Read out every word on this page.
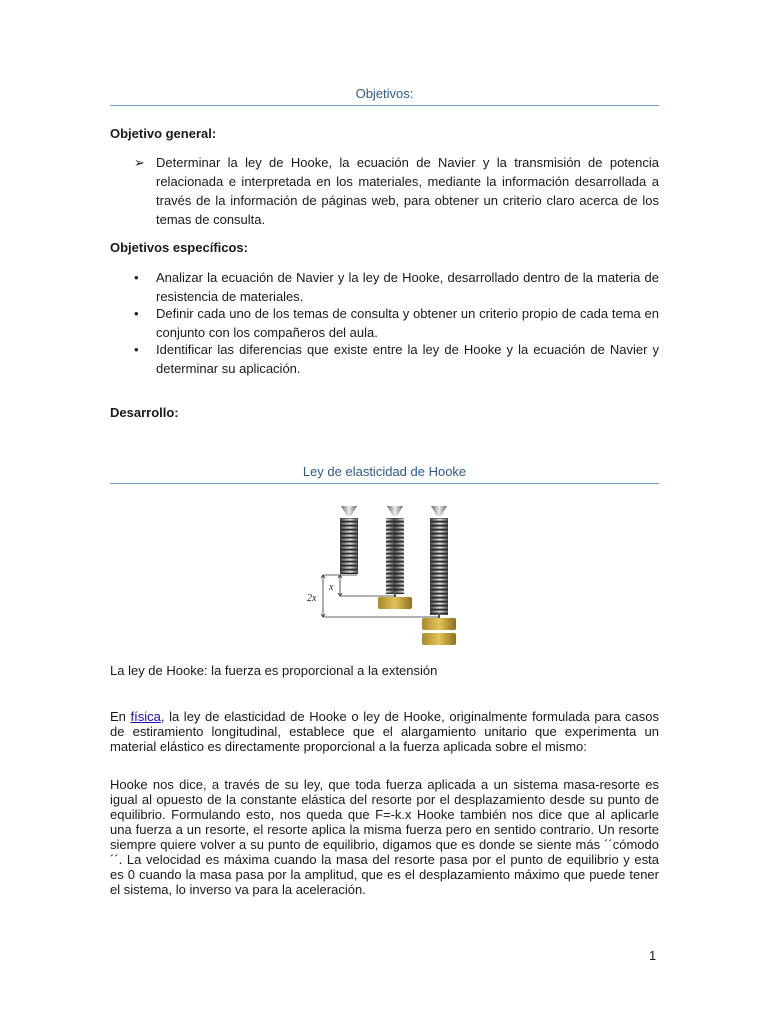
Objetivos:
Objetivo general:
➢ Determinar la ley de Hooke, la ecuación de Navier y la transmisión de potencia relacionada e interpretada en los materiales, mediante la información desarrollada a través de la información de páginas web, para obtener un criterio claro acerca de los temas de consulta.
Objetivos específicos:
•	Analizar la ecuación de Navier y la ley de Hooke, desarrollado dentro de la materia de resistencia de materiales.
•	Definir cada uno de los temas de consulta y obtener un criterio propio de cada tema en conjunto con los compañeros del aula.
•	Identificar las diferencias que existe entre la ley de Hooke y la ecuación de Navier y determinar su aplicación.
Desarrollo:
Ley de elasticidad de Hooke
x
2x
La ley de Hooke: la fuerza es proporcional a la extensión
En física, la ley de elasticidad de Hooke o ley de Hooke, originalmente formulada para casos de estiramiento longitudinal, establece que el alargamiento unitario que experimenta un material elástico es directamente proporcional a la fuerza aplicada sobre el mismo:
Hooke nos dice, a través de su ley, que toda fuerza aplicada a un sistema masa-resorte es igual al opuesto de la constante elástica del resorte por el desplazamiento desde su punto de equilibrio. Formulando esto, nos queda que F=-k.x Hooke también nos dice que al aplicarle una fuerza a un resorte, el resorte aplica la misma fuerza pero en sentido contrario. Un resorte siempre quiere volver a su punto de equilibrio, digamos que es donde se siente más ´´cómodo´´. La velocidad es máxima cuando la masa del resorte pasa por el punto de equilibrio y esta es 0 cuando la masa pasa por la amplitud, que es el desplazamiento máximo que puede tener el sistema, lo inverso va para la aceleración.
1
